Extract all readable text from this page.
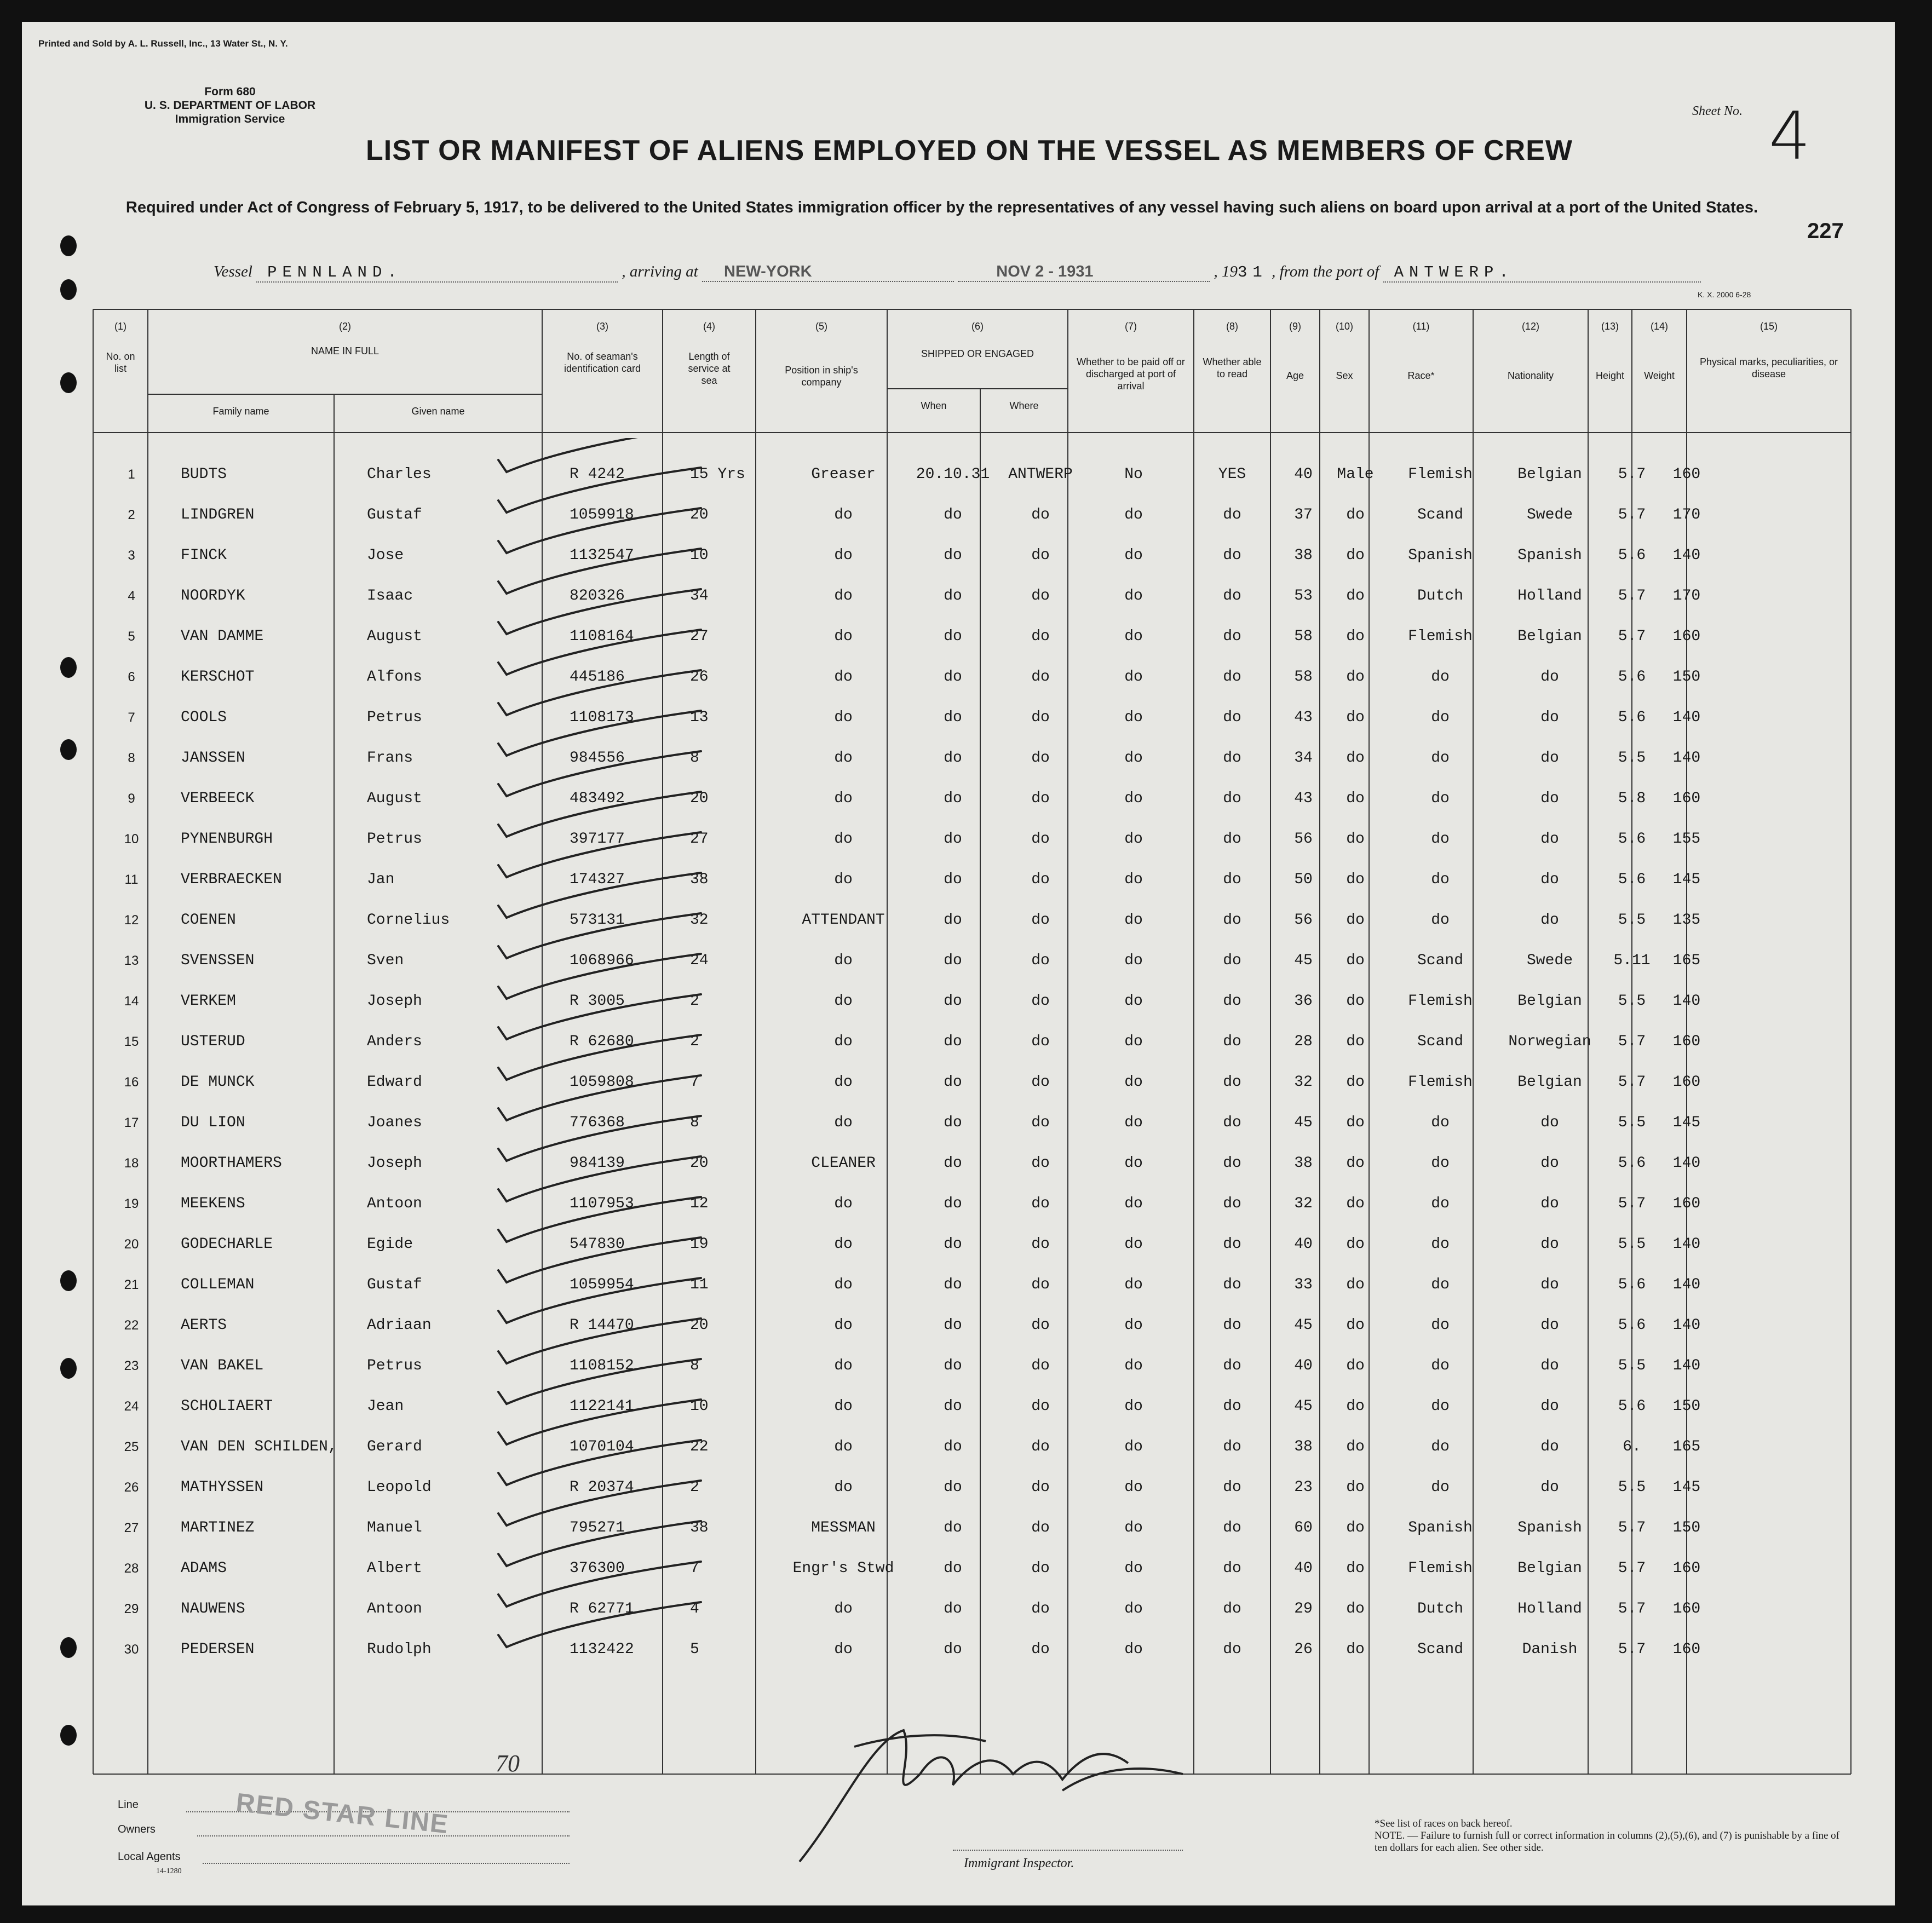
Printed and Sold by A. L. Russell, Inc., 13 Water St., N. Y.
Form 680
U. S. DEPARTMENT OF LABOR
Immigration Service
LIST OR MANIFEST OF ALIENS EMPLOYED ON THE VESSEL AS MEMBERS OF CREW
Sheet No. 4
227
Required under Act of Congress of February 5, 1917, to be delivered to the United States immigration officer by the representatives of any vessel having such aliens on board upon arrival at a port of the United States.
Vessel PENNLAND.	, arriving at NEW-YORK	NOV 2 - 1931	, 1931 , from the port of ANTWERP.
K. X. 2000 6-28
(1)
No. on list
(2)
NAME IN FULL
Family name	Given name
(3)
No. of seaman's identification card
(4)
Length of service at sea
(5)
Position in ship's company
(6)
SHIPPED OR ENGAGED
When	Where
(7)
Whether to be paid off or discharged at port of arrival
(8)
Whether able to read
(9)
Age
(10)
Sex
(11)
Race*
(12)
Nationality
(13)
Height
(14)
Weight
(15)
Physical marks, peculiarities, or disease
1	BUDTS	Charles	R 4242	15 Yrs	Greaser	20.10.31	ANTWERP	No	YES	40	Male	Flemish	Belgian	5.7	160
2	LINDGREN	Gustaf	1059918	20	do	do	do	do	do	37	do	Scand	Swede	5.7	170
3	FINCK	Jose	1132547	10	do	do	do	do	do	38	do	Spanish	Spanish	5.6	140
4	NOORDYK	Isaac	820326	34	do	do	do	do	do	53	do	Dutch	Holland	5.7	170
5	VAN DAMME	August	1108164	27	do	do	do	do	do	58	do	Flemish	Belgian	5.7	160
6	KERSCHOT	Alfons	445186	26	do	do	do	do	do	58	do	do	do	5.6	150
7	COOLS	Petrus	1108173	13	do	do	do	do	do	43	do	do	do	5.6	140
8	JANSSEN	Frans	984556	8	do	do	do	do	do	34	do	do	do	5.5	140
9	VERBEECK	August	483492	20	do	do	do	do	do	43	do	do	do	5.8	160
10	PYNENBURGH	Petrus	397177	27	do	do	do	do	do	56	do	do	do	5.6	155
11	VERBRAECKEN	Jan	174327	38	do	do	do	do	do	50	do	do	do	5.6	145
12	COENEN	Cornelius	573131	32	ATTENDANT	do	do	do	do	56	do	do	do	5.5	135
13	SVENSSEN	Sven	1068966	24	do	do	do	do	do	45	do	Scand	Swede	5.11	165
14	VERKEM	Joseph	R 3005	2	do	do	do	do	do	36	do	Flemish	Belgian	5.5	140
15	USTERUD	Anders	R 62680	2	do	do	do	do	do	28	do	Scand	Norwegian	5.7	160
16	DE MUNCK	Edward	1059808	7	do	do	do	do	do	32	do	Flemish	Belgian	5.7	160
17	DU LION	Joanes	776368	8	do	do	do	do	do	45	do	do	do	5.5	145
18	MOORTHAMERS	Joseph	984139	20	CLEANER	do	do	do	do	38	do	do	do	5.6	140
19	MEEKENS	Antoon	1107953	12	do	do	do	do	do	32	do	do	do	5.7	160
20	GODECHARLE	Egide	547830	19	do	do	do	do	do	40	do	do	do	5.5	140
21	COLLEMAN	Gustaf	1059954	11	do	do	do	do	do	33	do	do	do	5.6	140
22	AERTS	Adriaan	R 14470	20	do	do	do	do	do	45	do	do	do	5.6	140
23	VAN BAKEL	Petrus	1108152	8	do	do	do	do	do	40	do	do	do	5.5	140
24	SCHOLIAERT	Jean	1122141	10	do	do	do	do	do	45	do	do	do	5.6	150
25	VAN DEN SCHILDEN, Gerard	1070104	22	do	do	do	do	do	38	do	do	do	6.	165
26	MATHYSSEN	Leopold	R 20374	2	do	do	do	do	do	23	do	do	do	5.5	145
27	MARTINEZ	Manuel	795271	38	MESSMAN	do	do	do	do	60	do	Spanish	Spanish	5.7	150
28	ADAMS	Albert	376300	7	Engr's Stwd	do	do	do	do	40	do	Flemish	Belgian	5.7	160
29	NAUWENS	Antoon	R 62771	4	do	do	do	do	do	29	do	Dutch	Holland	5.7	160
30	PEDERSEN	Rudolph	1132422	5	do	do	do	do	do	26	do	Scand	Danish	5.7	160
Line
Owners
Local Agents
14-1280
RED STAR LINE
70
Immigrant Inspector.
*See list of races on back hereof.
NOTE. — Failure to furnish full or correct information in columns (2),(5),(6), and (7) is punishable by a fine of ten dollars for each alien. See other side.
